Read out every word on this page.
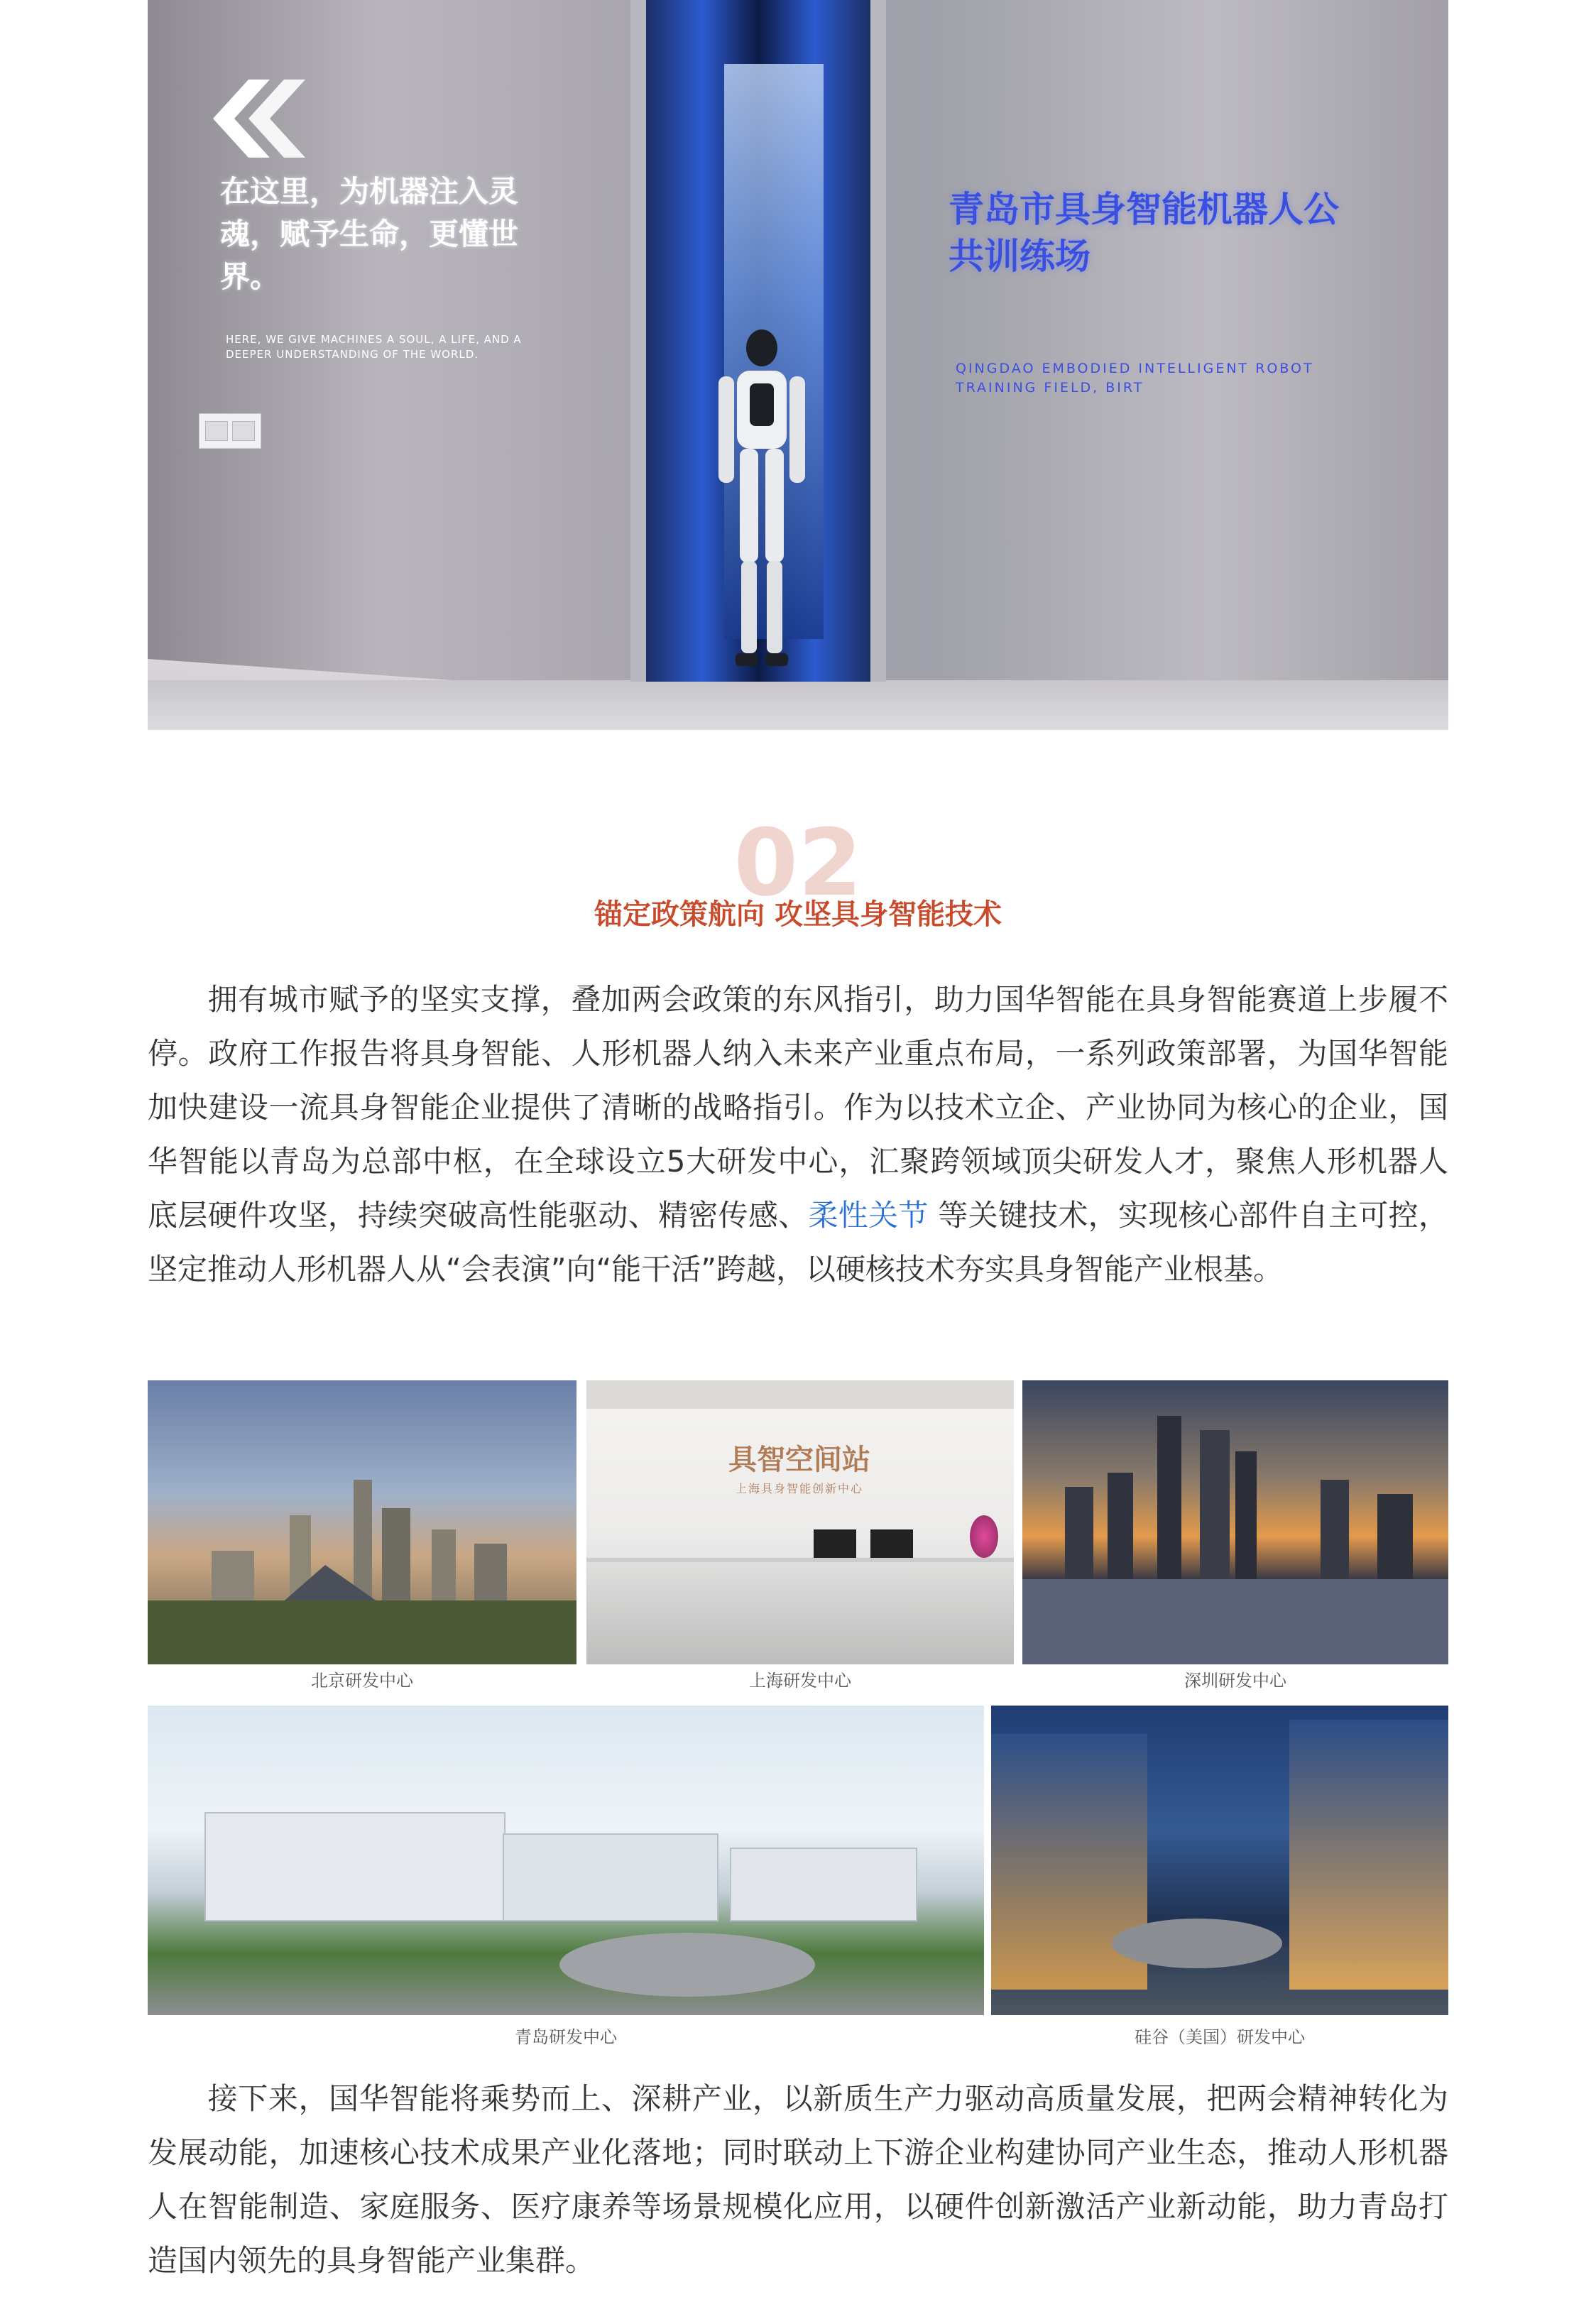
在这里，为机器注入灵魂，赋予生命，更懂世界。
HERE, WE GIVE MACHINES A SOUL, A LIFE, AND A DEEPER UNDERSTANDING OF THE WORLD.
青岛市具身智能机器人公共训练场
QINGDAO EMBODIED INTELLIGENT ROBOT TRAINING FIELD, BIRT
02
锚定政策航向 攻坚具身智能技术

拥有城市赋予的坚实支撑，叠加两会政策的东风指引，助力国华智能在具身智能赛道上步履不停。政府工作报告将具身智能、人形机器人纳入未来产业重点布局，一系列政策部署，为国华智能加快建设一流具身智能企业提供了清晰的战略指引。作为以技术立企、产业协同为核心的企业，国华智能以青岛为总部中枢，在全球设立5大研发中心，汇聚跨领域顶尖研发人才，聚焦人形机器人底层硬件攻坚，持续突破高性能驱动、精密传感、柔性关节 等关键技术，实现核心部件自主可控，坚定推动人形机器人从“会表演”向“能干活”跨越，以硬核技术夯实具身智能产业根基。

北京研发中心
具智空间站
上海具身智能创新中心
上海研发中心	深圳研发中心
青岛研发中心	硅谷（美国）研发中心

接下来，国华智能将乘势而上、深耕产业，以新质生产力驱动高质量发展，把两会精神转化为发展动能，加速核心技术成果产业化落地；同时联动上下游企业构建协同产业生态，推动人形机器人在智能制造、家庭服务、医疗康养等场景规模化应用，以硬件创新激活产业新动能，助力青岛打造国内领先的具身智能产业集群。
